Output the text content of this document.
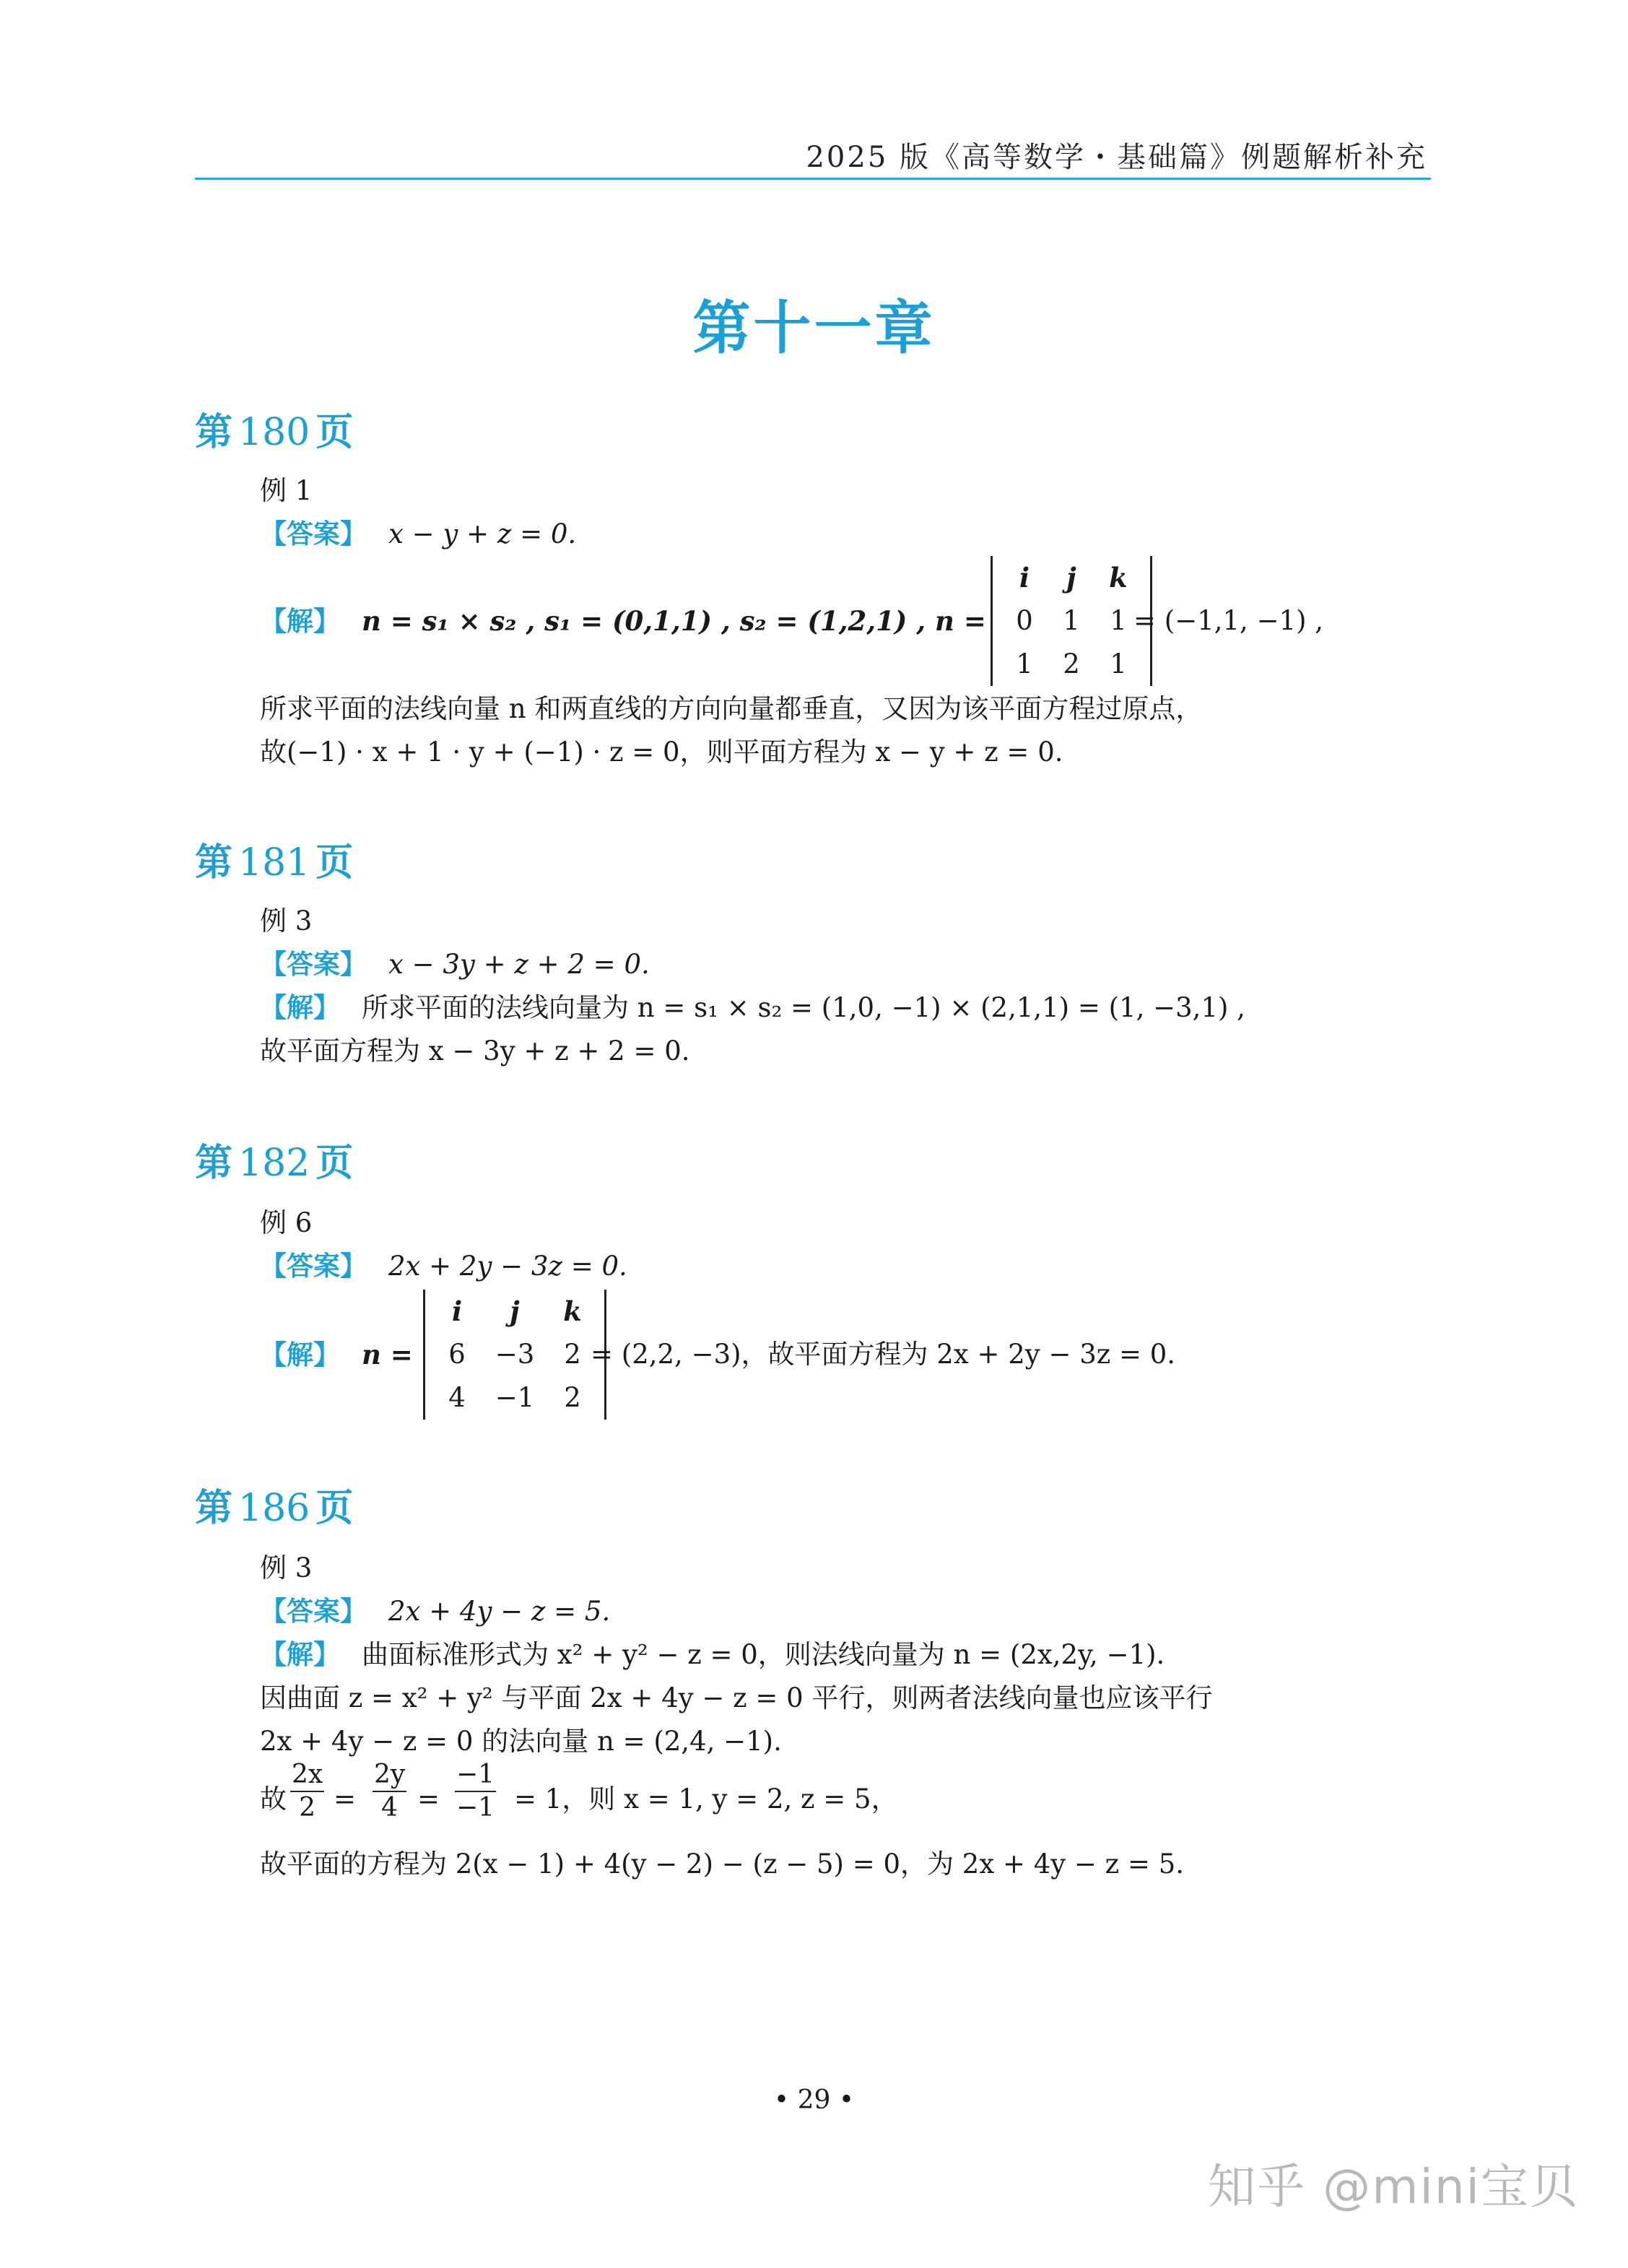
2025 版《高等数学・基础篇》例题解析补充
第十一章
第 180 页
例 1
【答案】 x − y + z = 0.
【解】 n = s₁ × s₂ , s₁ = (0,1,1) , s₂ = (1,2,1) , n =
i	j	k
0	1	1
1	2	1
= (−1,1, −1) ,
所求平面的法线向量 n 和两直线的方向向量都垂直，又因为该平面方程过原点，
故(−1) · x + 1 · y + (−1) · z = 0，则平面方程为 x − y + z = 0.
第 181 页
例 3
【答案】 x − 3y + z + 2 = 0.
【解】 所求平面的法线向量为 n = s₁ × s₂ = (1,0, −1) × (2,1,1) = (1, −3,1) ,
故平面方程为 x − 3y + z + 2 = 0.
第 182 页
例 6
【答案】 2x + 2y − 3z = 0.
【解】 n =
i	j	k
6	−3	2
4	−1	2
= (2,2, −3)，故平面方程为 2x + 2y − 3z = 0.
第 186 页
例 3
【答案】 2x + 4y − z = 5.
【解】 曲面标准形式为 x² + y² − z = 0，则法线向量为 n = (2x,2y, −1).
因曲面 z = x² + y² 与平面 2x + 4y − z = 0 平行，则两者法线向量也应该平行
2x + 4y − z = 0 的法向量 n = (2,4, −1).
故 $\frac{2x}{2} = \frac{2y}{4} = \frac{-1}{-1} = 1$，则 x = 1, y = 2, z = 5，
故平面的方程为 2(x − 1) + 4(y − 2) − (z − 5) = 0，为 2x + 4y − z = 5.
• 29 •
知乎 @mini宝贝
